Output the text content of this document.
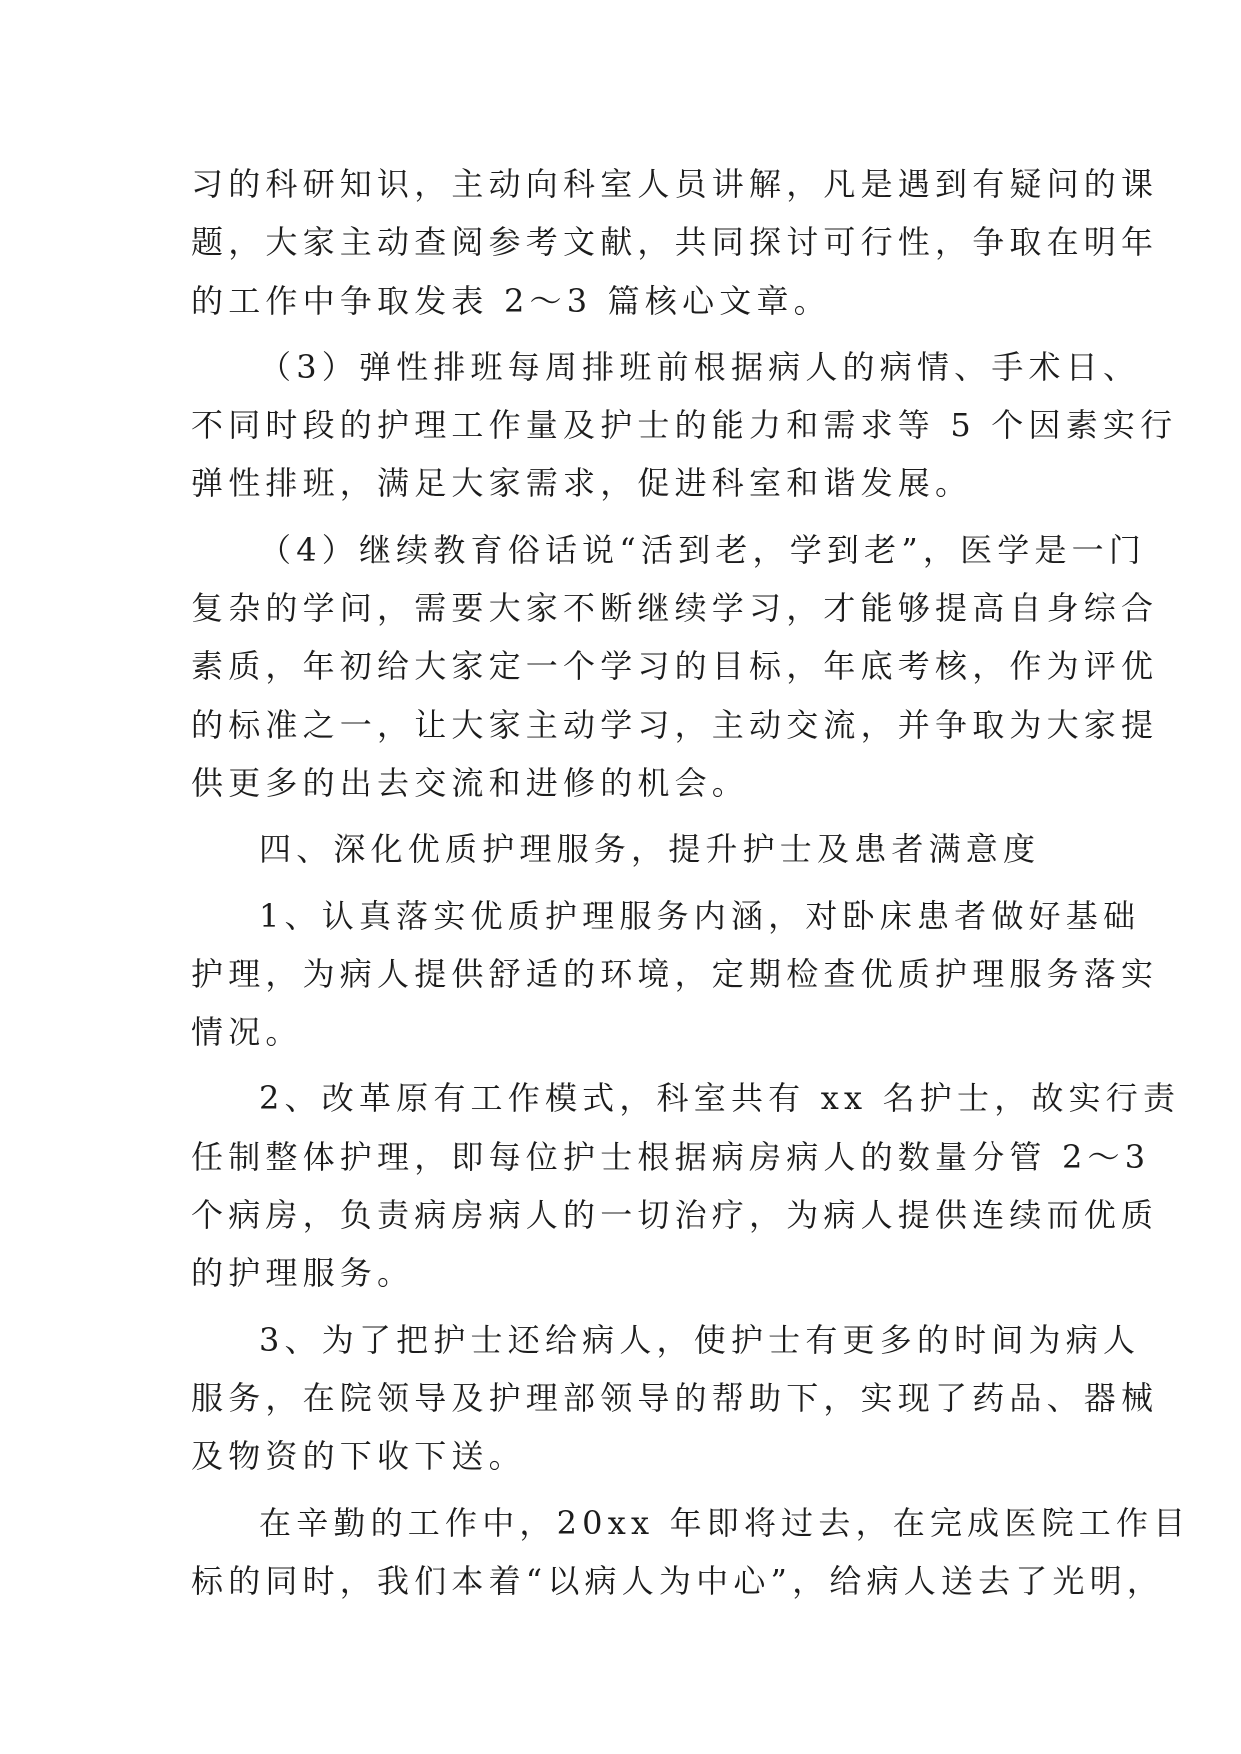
习的科研知识，主动向科室人员讲解，凡是遇到有疑问的课
题，大家主动查阅参考文献，共同探讨可行性，争取在明年
的工作中争取发表 2～3 篇核心文章。
（3）弹性排班每周排班前根据病人的病情、手术日、
不同时段的护理工作量及护士的能力和需求等 5 个因素实行
弹性排班，满足大家需求，促进科室和谐发展。
（4）继续教育俗话说“活到老，学到老”，医学是一门
复杂的学问，需要大家不断继续学习，才能够提高自身综合
素质，年初给大家定一个学习的目标，年底考核，作为评优
的标准之一，让大家主动学习，主动交流，并争取为大家提
供更多的出去交流和进修的机会。
四、深化优质护理服务，提升护士及患者满意度
1、认真落实优质护理服务内涵，对卧床患者做好基础
护理，为病人提供舒适的环境，定期检查优质护理服务落实
情况。
2、改革原有工作模式，科室共有 xx 名护士，故实行责
任制整体护理，即每位护士根据病房病人的数量分管 2～3
个病房，负责病房病人的一切治疗，为病人提供连续而优质
的护理服务。
3、为了把护士还给病人，使护士有更多的时间为病人
服务，在院领导及护理部领导的帮助下，实现了药品、器械
及物资的下收下送。
在辛勤的工作中，20xx 年即将过去，在完成医院工作目
标的同时，我们本着“以病人为中心”，给病人送去了光明，
